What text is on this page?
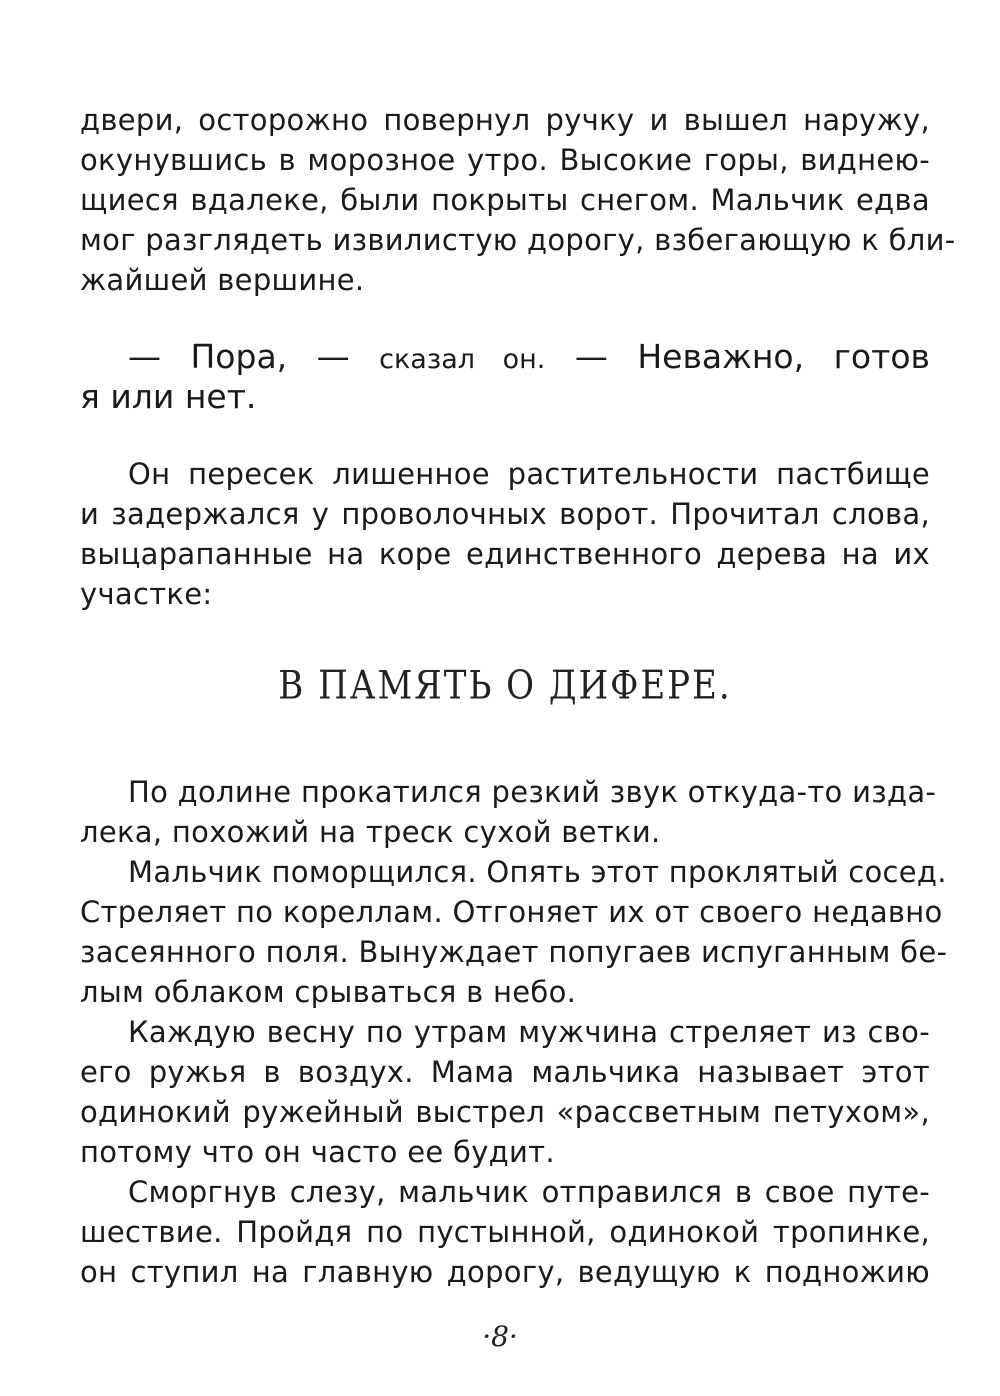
двери, осторожно повернул ручку и вышел наружу,
окунувшись в морозное утро. Высокие горы, виднею-
щиеся вдалеке, были покрыты снегом. Мальчик едва
мог разглядеть извилистую дорогу, взбегающую к бли-
жайшей вершине.
— Пора, — сказал он. — Неважно, готов
я или нет.
Он пересек лишенное растительности пастбище
и задержался у проволочных ворот. Прочитал слова,
выцарапанные на коре единственного дерева на их
участке:
В ПАМЯТЬ О ДИФЕРЕ.
По долине прокатился резкий звук откуда-то изда-
лека, похожий на треск сухой ветки.
Мальчик поморщился. Опять этот проклятый сосед.
Стреляет по кореллам. Отгоняет их от своего недавно
засеянного поля. Вынуждает попугаев испуганным бе-
лым облаком срываться в небо.
Каждую весну по утрам мужчина стреляет из сво-
его ружья в воздух. Мама мальчика называет этот
одинокий ружейный выстрел «рассветным петухом»,
потому что он часто ее будит.
Сморгнув слезу, мальчик отправился в свое путе-
шествие. Пройдя по пустынной, одинокой тропинке,
он ступил на главную дорогу, ведущую к подножию
·8·
